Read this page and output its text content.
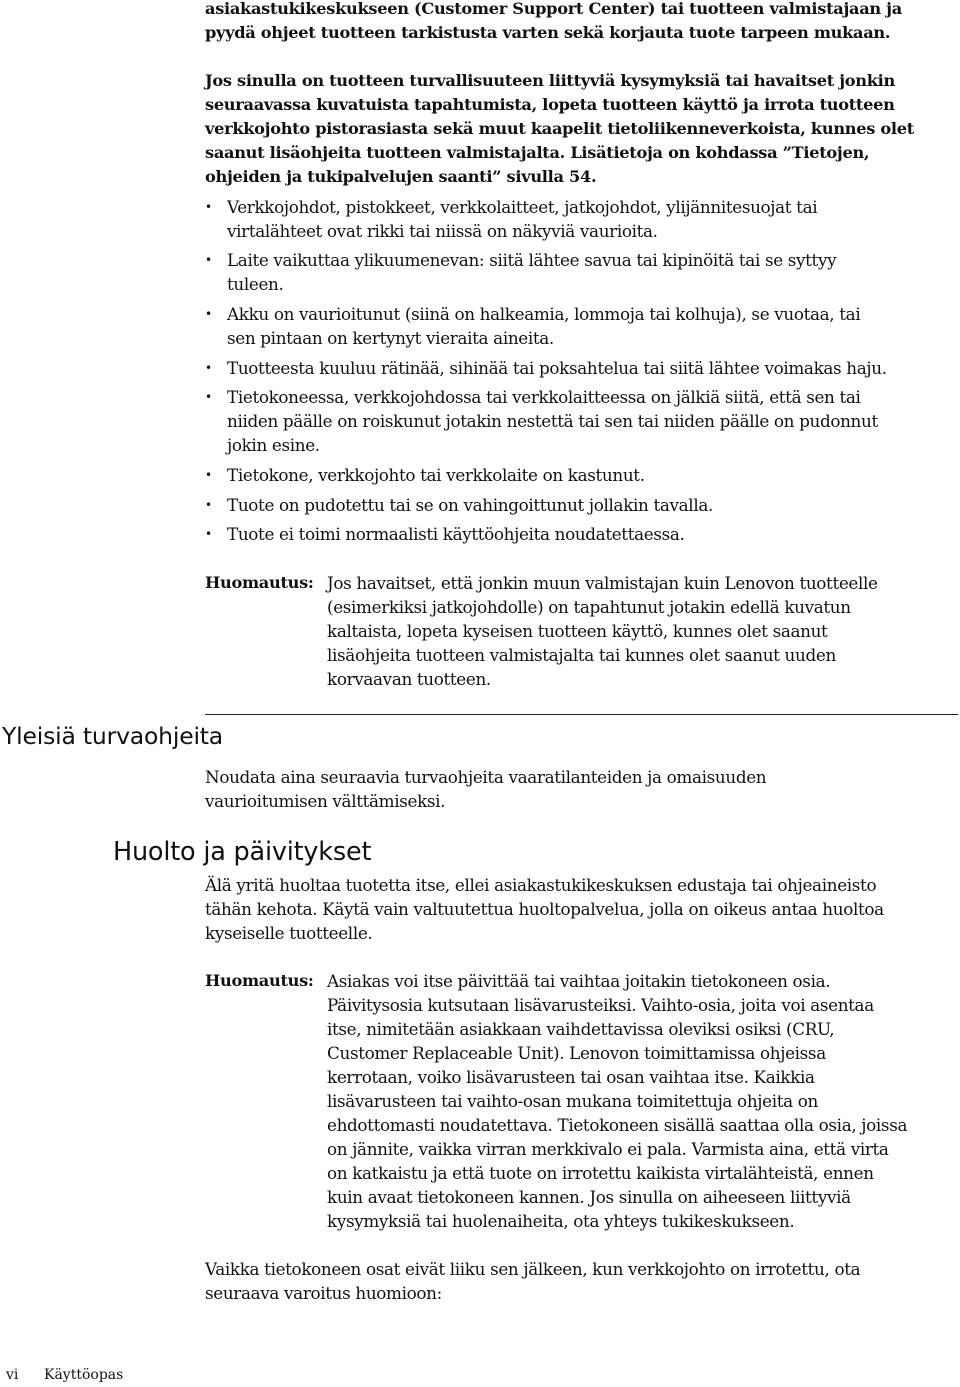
asiakastukikeskukseen (Customer Support Center) tai tuotteen valmistajaan ja
pyydä ohjeet tuotteen tarkistusta varten sekä korjauta tuote tarpeen mukaan.
Jos sinulla on tuotteen turvallisuuteen liittyviä kysymyksiä tai havaitset jonkin
seuraavassa kuvatuista tapahtumista, lopeta tuotteen käyttö ja irrota tuotteen
verkkojohto pistorasiasta sekä muut kaapelit tietoliikenneverkoista, kunnes olet
saanut lisäohjeita tuotteen valmistajalta. Lisätietoja on kohdassa ”Tietojen,
ohjeiden ja tukipalvelujen saanti” sivulla 54.
• Verkkojohdot, pistokkeet, verkkolaitteet, jatkojohdot, ylijännitesuojat tai
virtalähteet ovat rikki tai niissä on näkyviä vaurioita.
• Laite vaikuttaa ylikuumenevan: siitä lähtee savua tai kipinöitä tai se syttyy
tuleen.
• Akku on vaurioitunut (siinä on halkeamia, lommoja tai kolhuja), se vuotaa, tai
sen pintaan on kertynyt vieraita aineita.
• Tuotteesta kuuluu rätinää, sihinää tai poksahtelua tai siitä lähtee voimakas haju.
• Tietokoneessa, verkkojohdossa tai verkkolaitteessa on jälkiä siitä, että sen tai
niiden päälle on roiskunut jotakin nestettä tai sen tai niiden päälle on pudonnut
jokin esine.
• Tietokone, verkkojohto tai verkkolaite on kastunut.
• Tuote on pudotettu tai se on vahingoittunut jollakin tavalla.
• Tuote ei toimi normaalisti käyttöohjeita noudatettaessa.
Huomautus: Jos havaitset, että jonkin muun valmistajan kuin Lenovon tuotteelle
(esimerkiksi jatkojohdolle) on tapahtunut jotakin edellä kuvatun
kaltaista, lopeta kyseisen tuotteen käyttö, kunnes olet saanut
lisäohjeita tuotteen valmistajalta tai kunnes olet saanut uuden
korvaavan tuotteen.
Yleisiä turvaohjeita
Noudata aina seuraavia turvaohjeita vaaratilanteiden ja omaisuuden
vaurioitumisen välttämiseksi.
Huolto ja päivitykset
Älä yritä huoltaa tuotetta itse, ellei asiakastukikeskuksen edustaja tai ohjeaineisto
tähän kehota. Käytä vain valtuutettua huoltopalvelua, jolla on oikeus antaa huoltoa
kyseiselle tuotteelle.
Huomautus: Asiakas voi itse päivittää tai vaihtaa joitakin tietokoneen osia.
Päivitysosia kutsutaan lisävarusteiksi. Vaihto-osia, joita voi asentaa
itse, nimitetään asiakkaan vaihdettavissa oleviksi osiksi (CRU,
Customer Replaceable Unit). Lenovon toimittamissa ohjeissa
kerrotaan, voiko lisävarusteen tai osan vaihtaa itse. Kaikkia
lisävarusteen tai vaihto-osan mukana toimitettuja ohjeita on
ehdottomasti noudatettava. Tietokoneen sisällä saattaa olla osia, joissa
on jännite, vaikka virran merkkivalo ei pala. Varmista aina, että virta
on katkaistu ja että tuote on irrotettu kaikista virtalähteistä, ennen
kuin avaat tietokoneen kannen. Jos sinulla on aiheeseen liittyviä
kysymyksiä tai huolenaiheita, ota yhteys tukikeskukseen.
Vaikka tietokoneen osat eivät liiku sen jälkeen, kun verkkojohto on irrotettu, ota
seuraava varoitus huomioon:
vi Käyttöopas
